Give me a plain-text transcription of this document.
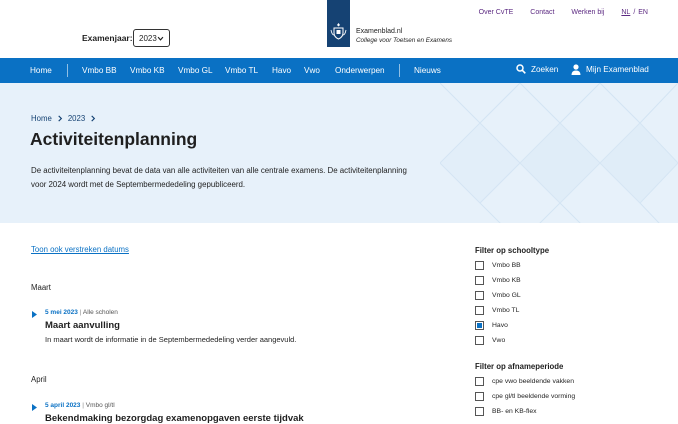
Examenjaar: 2023
Examenblad.nl
College voor Toetsen en Examens
Over CvTE Contact Werken bij NL / EN
Home	Vmbo BB Vmbo KB Vmbo GL Vmbo TL Havo Vwo Onderwerpen	Nieuws	Zoeken	Mijn Examenblad
Home 2023
Activiteitenplanning

De activiteitenplanning bevat de data van alle activiteiten van alle centrale examens. De activiteitenplanning voor 2024 wordt met de Septembermededeling gepubliceerd.

Toon ook verstreken datums
Maart
5 mei 2023 | Alle scholen
Maart aanvulling
In maart wordt de informatie in de Septembermededeling verder aangevuld.
April
5 april 2023 | Vmbo gl/tl
Bekendmaking bezorgdag examenopgaven eerste tijdvak
Filter op schooltype
Vmbo BB
Vmbo KB
Vmbo GL
Vmbo TL
Havo
Vwo
Filter op afnameperiode
cpe vwo beeldende vakken
cpe gl/tl beeldende vorming
BB- en KB-flex
